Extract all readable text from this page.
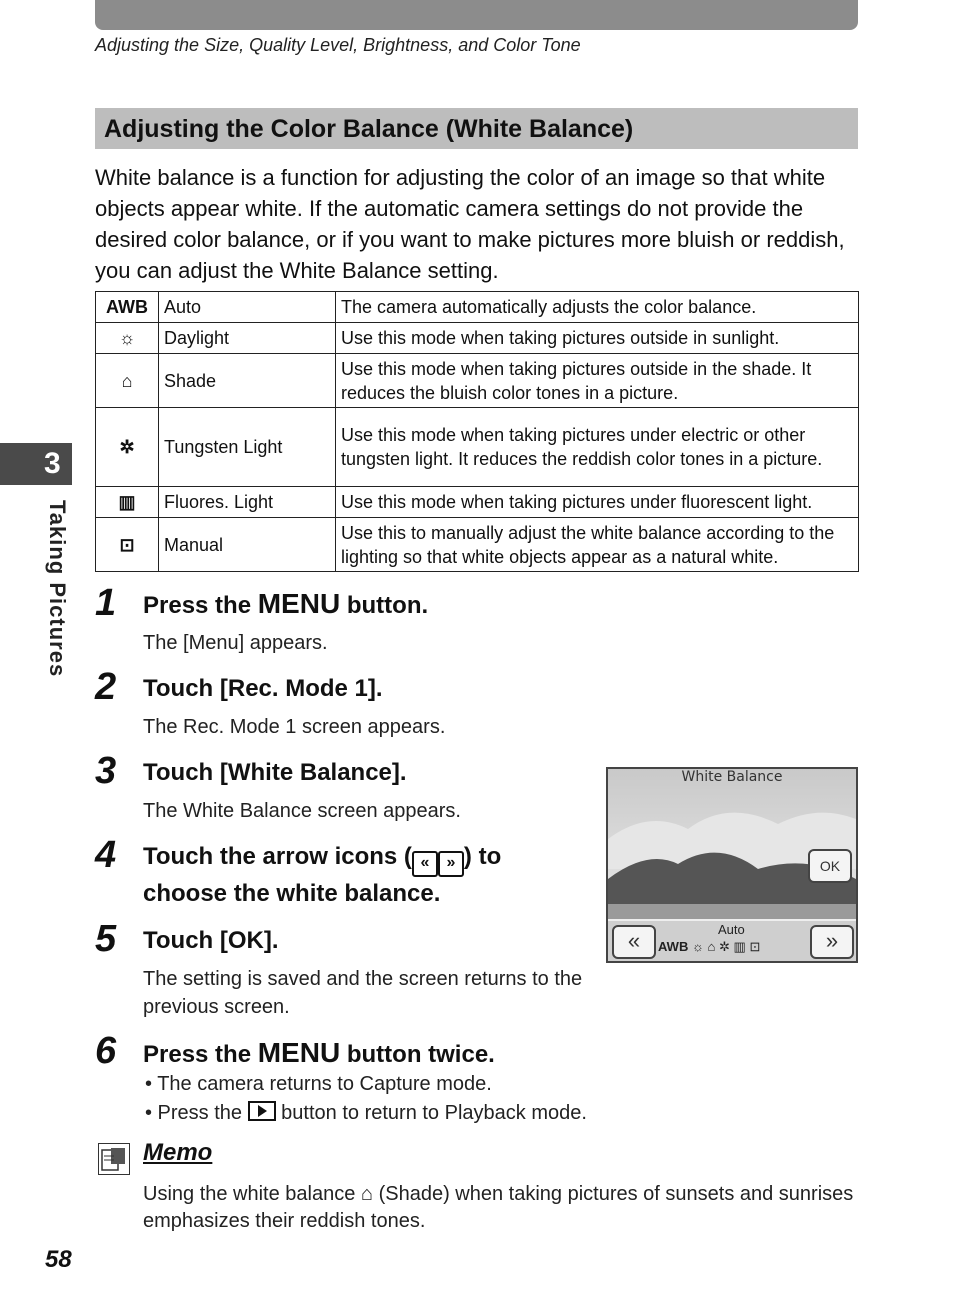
Adjusting the Size, Quality Level, Brightness, and Color Tone
Adjusting the Color Balance (White Balance)
White balance is a function for adjusting the color of an image so that white objects appear white. If the automatic camera settings do not provide the desired color balance, or if you want to make pictures more bluish or reddish, you can adjust the White Balance setting.
AWB	Auto	The camera automatically adjusts the color balance.
☼	Daylight	Use this mode when taking pictures outside in sunlight.
⌂	Shade	Use this mode when taking pictures outside in the shade. It reduces the bluish color tones in a picture.
✲	Tungsten Light	Use this mode when taking pictures under electric or other tungsten light. It reduces the reddish color tones in a picture.
▥	Fluores. Light	Use this mode when taking pictures under fluorescent light.
⊡	Manual	Use this to manually adjust the white balance according to the lighting so that white objects appear as a natural white.
3
Taking Pictures 1 Press the MENU button.
The [Menu] appears.
2 Touch [Rec. Mode 1].
The Rec. Mode 1 screen appears.
3 Touch [White Balance].
The White Balance screen appears.
4 Touch the arrow icons ( « » ) to
choose the white balance.
5 Touch [OK].
The setting is saved and the screen returns to the previous screen.
6 Press the MENU button twice.
• The camera returns to Capture mode.
• Press the  button to return to Playback mode.
White Balance
OK
«	»
Auto
AWB ☼ ⌂ ✲ ▥ ⊡
Memo
Using the white balance ⌂ (Shade) when taking pictures of sunsets and sunrises emphasizes their reddish tones.
58
